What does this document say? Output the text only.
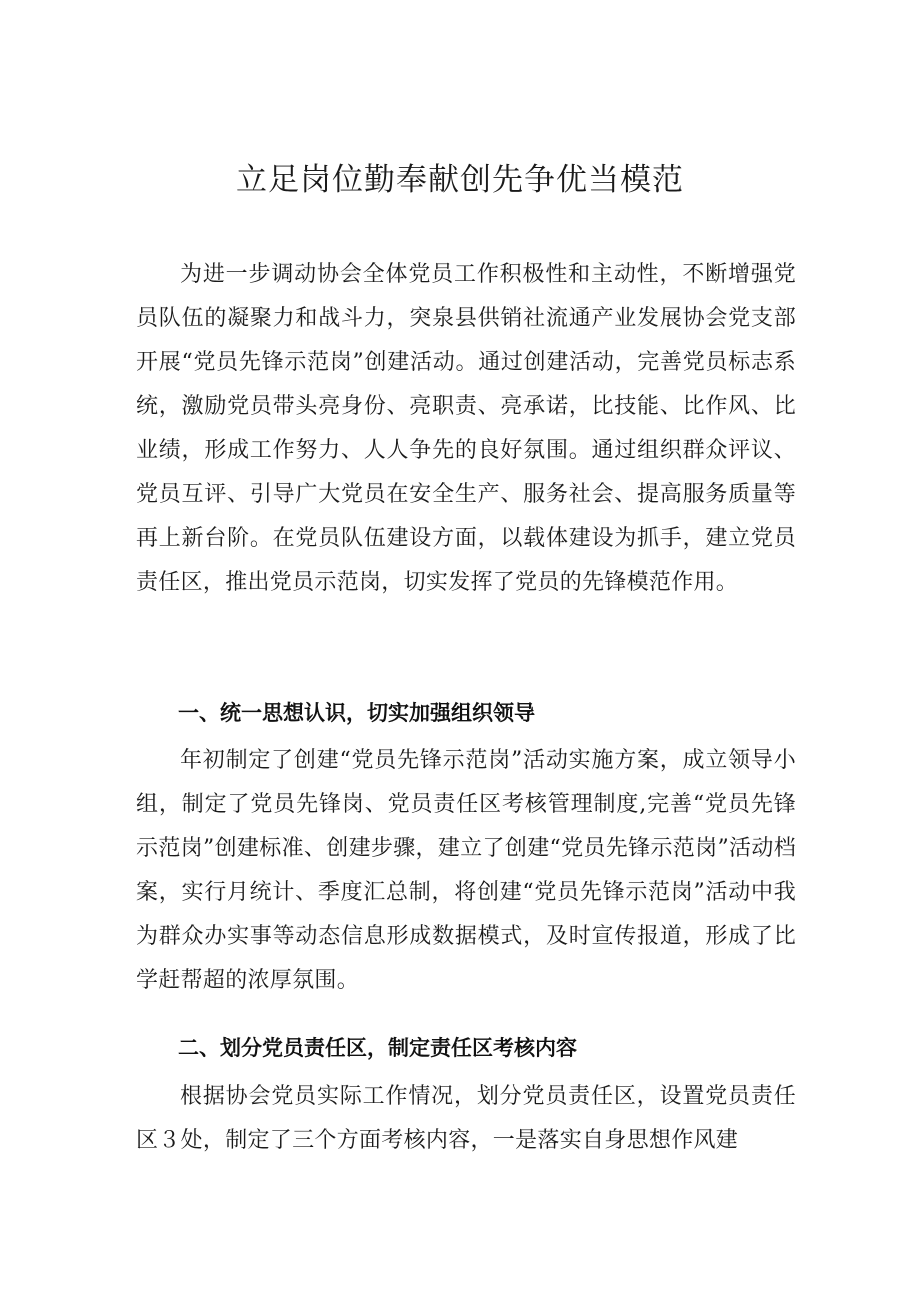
立足岗位勤奉献创先争优当模范

为进一步调动协会全体党员工作积极性和主动性，不断增强党员队伍的凝聚力和战斗力，突泉县供销社流通产业发展协会党支部开展“党员先锋示范岗”创建活动。通过创建活动，完善党员标志系统，激励党员带头亮身份、亮职责、亮承诺，比技能、比作风、比业绩，形成工作努力、人人争先的良好氛围。通过组织群众评议、党员互评、引导广大党员在安全生产、服务社会、提高服务质量等再上新台阶。在党员队伍建设方面，以载体建设为抓手，建立党员责任区，推出党员示范岗，切实发挥了党员的先锋模范作用。

一、统一思想认识，切实加强组织领导

年初制定了创建“党员先锋示范岗”活动实施方案，成立领导小组，制定了党员先锋岗、党员责任区考核管理制度,完善“党员先锋示范岗”创建标准、创建步骤，建立了创建“党员先锋示范岗”活动档案，实行月统计、季度汇总制，将创建“党员先锋示范岗”活动中我为群众办实事等动态信息形成数据模式，及时宣传报道，形成了比学赶帮超的浓厚氛围。

二、划分党员责任区，制定责任区考核内容

根据协会党员实际工作情况，划分党员责任区，设置党员责任区３处，制定了三个方面考核内容，一是落实自身思想作风建
